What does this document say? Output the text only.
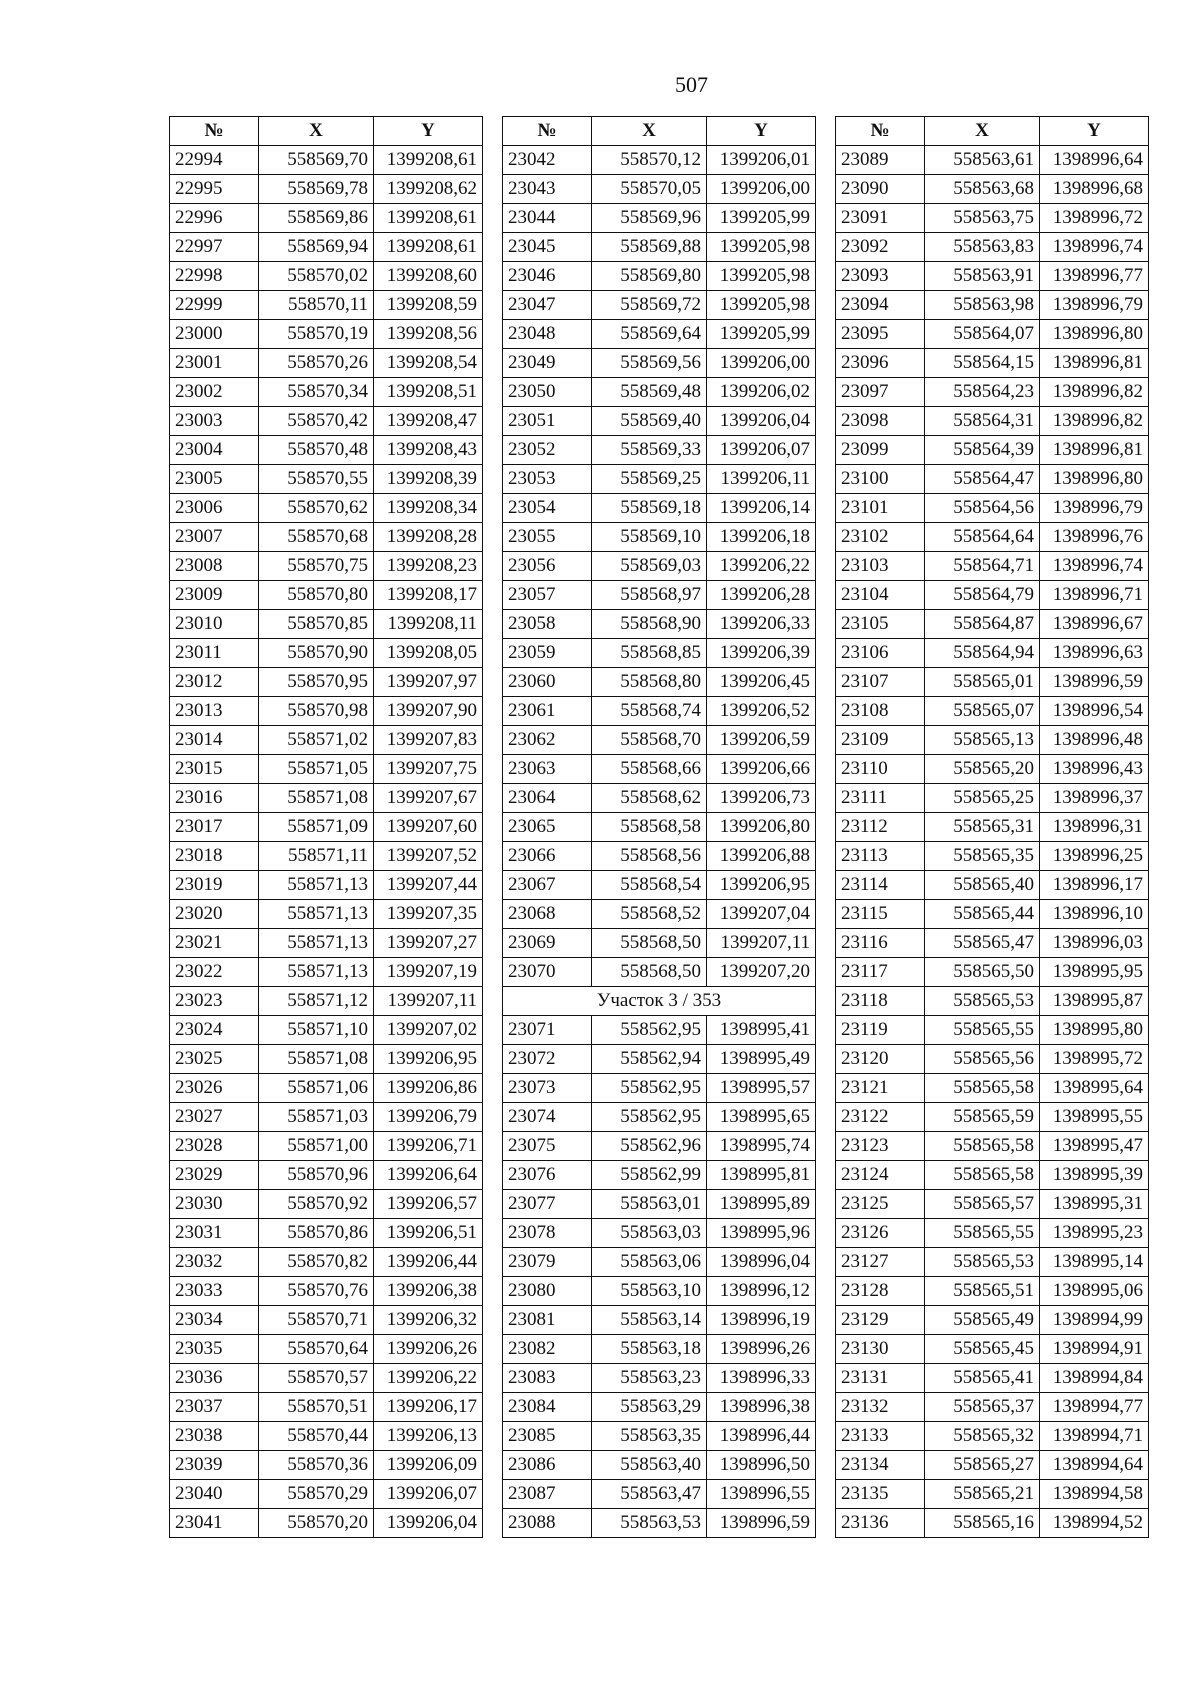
507
№	X	Y
22994	558569,70	1399208,61
22995	558569,78	1399208,62
22996	558569,86	1399208,61
22997	558569,94	1399208,61
22998	558570,02	1399208,60
22999	558570,11	1399208,59
23000	558570,19	1399208,56
23001	558570,26	1399208,54
23002	558570,34	1399208,51
23003	558570,42	1399208,47
23004	558570,48	1399208,43
23005	558570,55	1399208,39
23006	558570,62	1399208,34
23007	558570,68	1399208,28
23008	558570,75	1399208,23
23009	558570,80	1399208,17
23010	558570,85	1399208,11
23011	558570,90	1399208,05
23012	558570,95	1399207,97
23013	558570,98	1399207,90
23014	558571,02	1399207,83
23015	558571,05	1399207,75
23016	558571,08	1399207,67
23017	558571,09	1399207,60
23018	558571,11	1399207,52
23019	558571,13	1399207,44
23020	558571,13	1399207,35
23021	558571,13	1399207,27
23022	558571,13	1399207,19
23023	558571,12	1399207,11
23024	558571,10	1399207,02
23025	558571,08	1399206,95
23026	558571,06	1399206,86
23027	558571,03	1399206,79
23028	558571,00	1399206,71
23029	558570,96	1399206,64
23030	558570,92	1399206,57
23031	558570,86	1399206,51
23032	558570,82	1399206,44
23033	558570,76	1399206,38
23034	558570,71	1399206,32
23035	558570,64	1399206,26
23036	558570,57	1399206,22
23037	558570,51	1399206,17
23038	558570,44	1399206,13
23039	558570,36	1399206,09
23040	558570,29	1399206,07
23041	558570,20	1399206,04
№	X	Y
23042	558570,12	1399206,01
23043	558570,05	1399206,00
23044	558569,96	1399205,99
23045	558569,88	1399205,98
23046	558569,80	1399205,98
23047	558569,72	1399205,98
23048	558569,64	1399205,99
23049	558569,56	1399206,00
23050	558569,48	1399206,02
23051	558569,40	1399206,04
23052	558569,33	1399206,07
23053	558569,25	1399206,11
23054	558569,18	1399206,14
23055	558569,10	1399206,18
23056	558569,03	1399206,22
23057	558568,97	1399206,28
23058	558568,90	1399206,33
23059	558568,85	1399206,39
23060	558568,80	1399206,45
23061	558568,74	1399206,52
23062	558568,70	1399206,59
23063	558568,66	1399206,66
23064	558568,62	1399206,73
23065	558568,58	1399206,80
23066	558568,56	1399206,88
23067	558568,54	1399206,95
23068	558568,52	1399207,04
23069	558568,50	1399207,11
23070	558568,50	1399207,20
Участок 3 / 353		
23071	558562,95	1398995,41
23072	558562,94	1398995,49
23073	558562,95	1398995,57
23074	558562,95	1398995,65
23075	558562,96	1398995,74
23076	558562,99	1398995,81
23077	558563,01	1398995,89
23078	558563,03	1398995,96
23079	558563,06	1398996,04
23080	558563,10	1398996,12
23081	558563,14	1398996,19
23082	558563,18	1398996,26
23083	558563,23	1398996,33
23084	558563,29	1398996,38
23085	558563,35	1398996,44
23086	558563,40	1398996,50
23087	558563,47	1398996,55
23088	558563,53	1398996,59
№	X	Y
23089	558563,61	1398996,64
23090	558563,68	1398996,68
23091	558563,75	1398996,72
23092	558563,83	1398996,74
23093	558563,91	1398996,77
23094	558563,98	1398996,79
23095	558564,07	1398996,80
23096	558564,15	1398996,81
23097	558564,23	1398996,82
23098	558564,31	1398996,82
23099	558564,39	1398996,81
23100	558564,47	1398996,80
23101	558564,56	1398996,79
23102	558564,64	1398996,76
23103	558564,71	1398996,74
23104	558564,79	1398996,71
23105	558564,87	1398996,67
23106	558564,94	1398996,63
23107	558565,01	1398996,59
23108	558565,07	1398996,54
23109	558565,13	1398996,48
23110	558565,20	1398996,43
23111	558565,25	1398996,37
23112	558565,31	1398996,31
23113	558565,35	1398996,25
23114	558565,40	1398996,17
23115	558565,44	1398996,10
23116	558565,47	1398996,03
23117	558565,50	1398995,95
23118	558565,53	1398995,87
23119	558565,55	1398995,80
23120	558565,56	1398995,72
23121	558565,58	1398995,64
23122	558565,59	1398995,55
23123	558565,58	1398995,47
23124	558565,58	1398995,39
23125	558565,57	1398995,31
23126	558565,55	1398995,23
23127	558565,53	1398995,14
23128	558565,51	1398995,06
23129	558565,49	1398994,99
23130	558565,45	1398994,91
23131	558565,41	1398994,84
23132	558565,37	1398994,77
23133	558565,32	1398994,71
23134	558565,27	1398994,64
23135	558565,21	1398994,58
23136	558565,16	1398994,52
